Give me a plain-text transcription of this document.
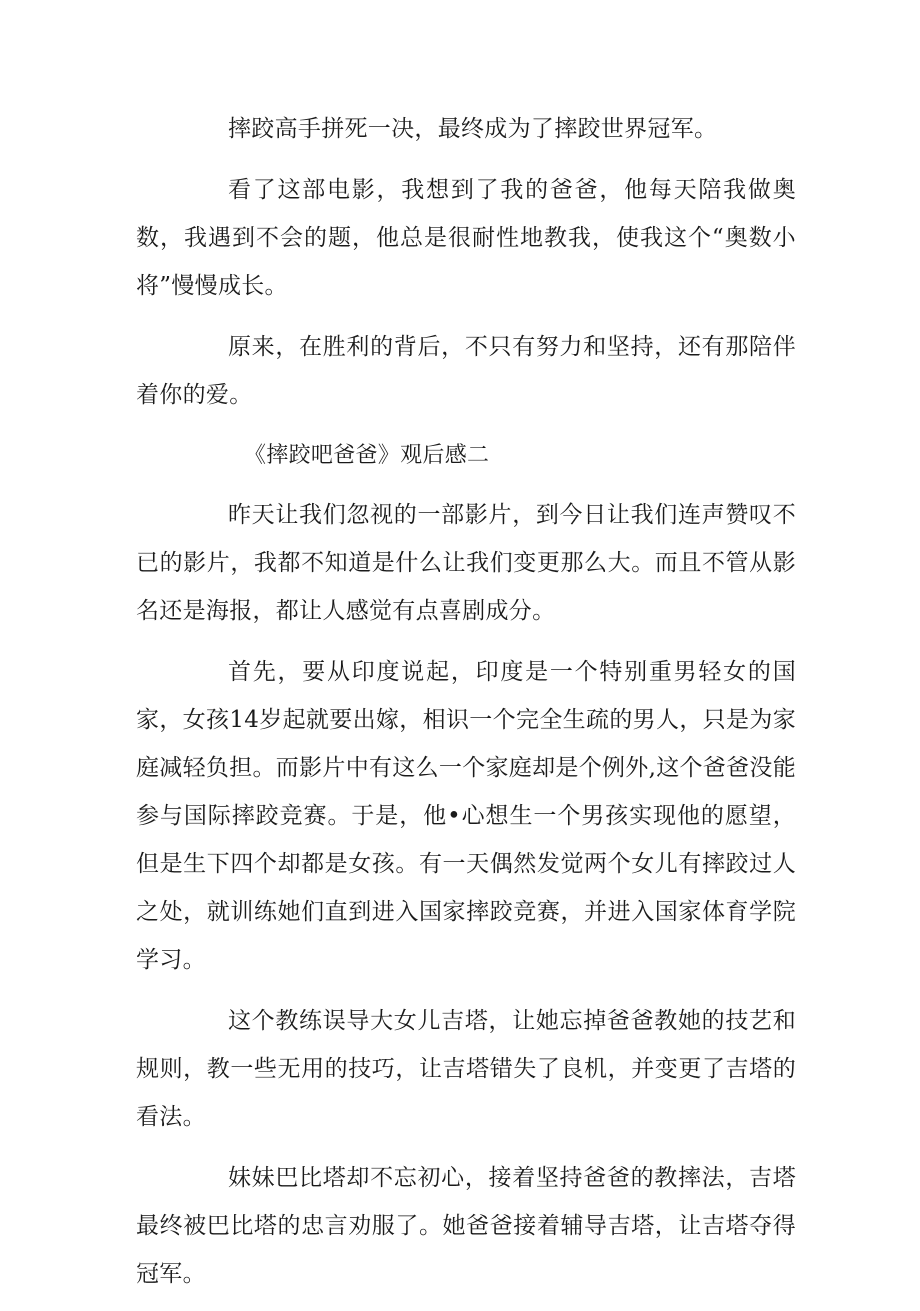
摔跤高手拼死一决，最终成为了摔跤世界冠军。

看了这部电影，我想到了我的爸爸，他每天陪我做奥数，我遇到不会的题，他总是很耐性地教我，使我这个“奥数小将”慢慢成长。

原来，在胜利的背后，不只有努力和坚持，还有那陪伴着你的爱。

《摔跤吧爸爸》观后感二

昨天让我们忽视的一部影片，到今日让我们连声赞叹不已的影片，我都不知道是什么让我们变更那么大。而且不管从影名还是海报，都让人感觉有点喜剧成分。

首先，要从印度说起，印度是一个特别重男轻女的国家，女孩14岁起就要出嫁，相识一个完全生疏的男人，只是为家庭减轻负担。而影片中有这么一个家庭却是个例外,这个爸爸没能参与国际摔跤竞赛。于是，他•心想生一个男孩实现他的愿望，但是生下四个却都是女孩。有一天偶然发觉两个女儿有摔跤过人之处，就训练她们直到进入国家摔跤竞赛，并进入国家体育学院学习。

这个教练误导大女儿吉塔，让她忘掉爸爸教她的技艺和规则，教一些无用的技巧，让吉塔错失了良机，并变更了吉塔的看法。

妹妹巴比塔却不忘初心，接着坚持爸爸的教摔法，吉塔最终被巴比塔的忠言劝服了。她爸爸接着辅导吉塔，让吉塔夺得冠军。
